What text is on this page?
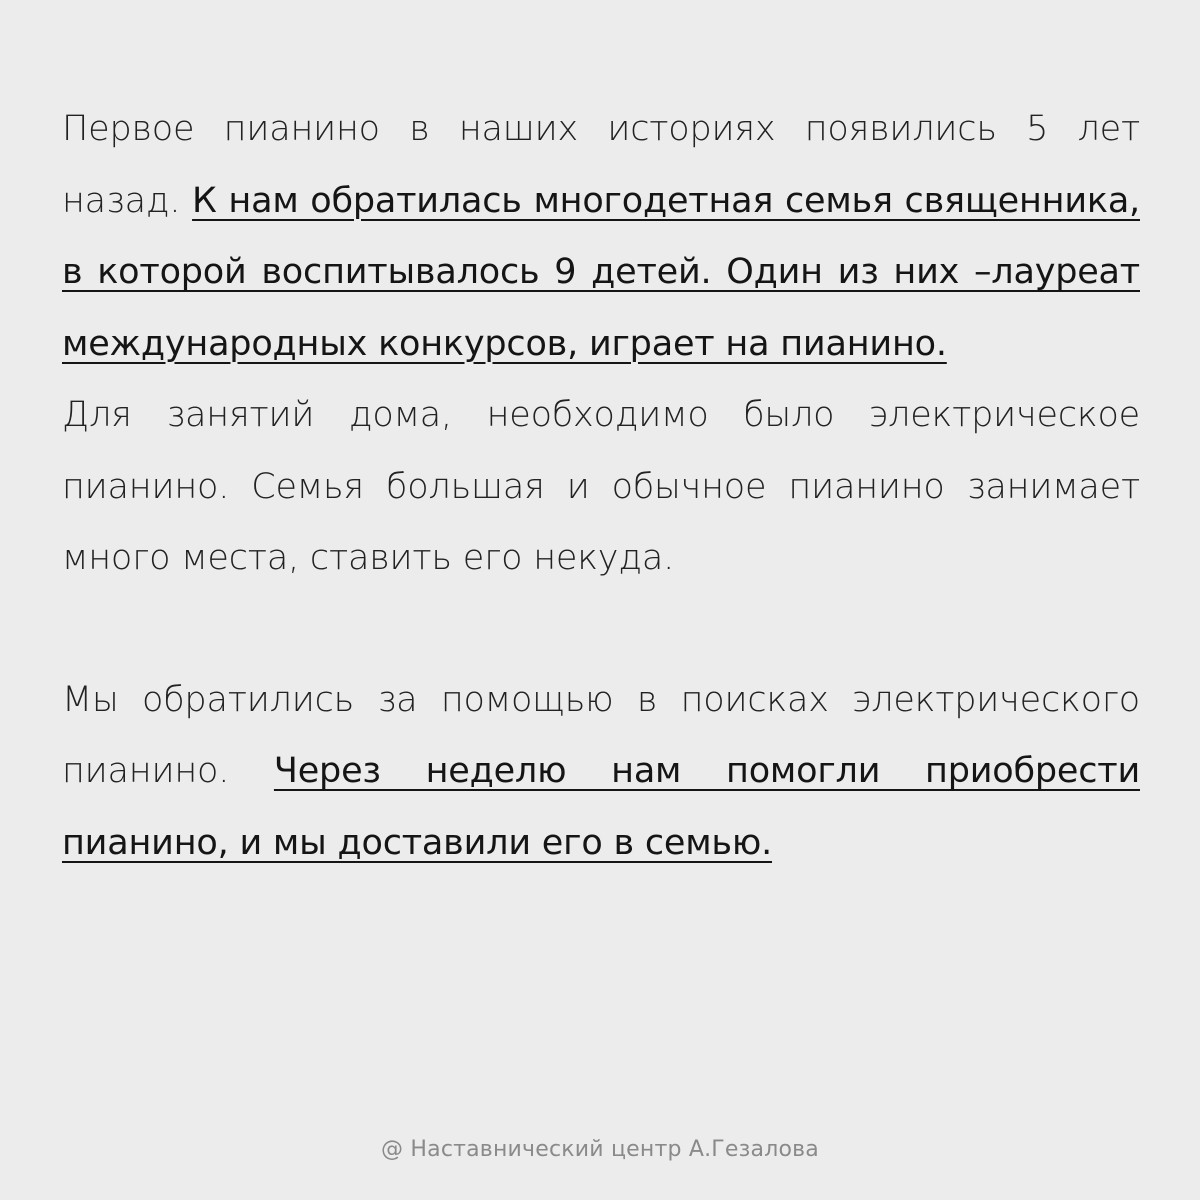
Первое пианино в наших историях появились 5 лет назад. К нам обратилась многодетная семья священника, в которой воспитывалось 9 детей. Один из них –лауреат международных конкурсов, играет на пианино.

Для занятий дома, необходимо было электрическое пианино. Семья большая и обычное пианино занимает много места, ставить его некуда.

Мы обратились за помощью в поисках электрического пианино. Через неделю нам помогли приобрести пианино, и мы доставили его в семью.

@ Наставнический центр А.Гезалова
